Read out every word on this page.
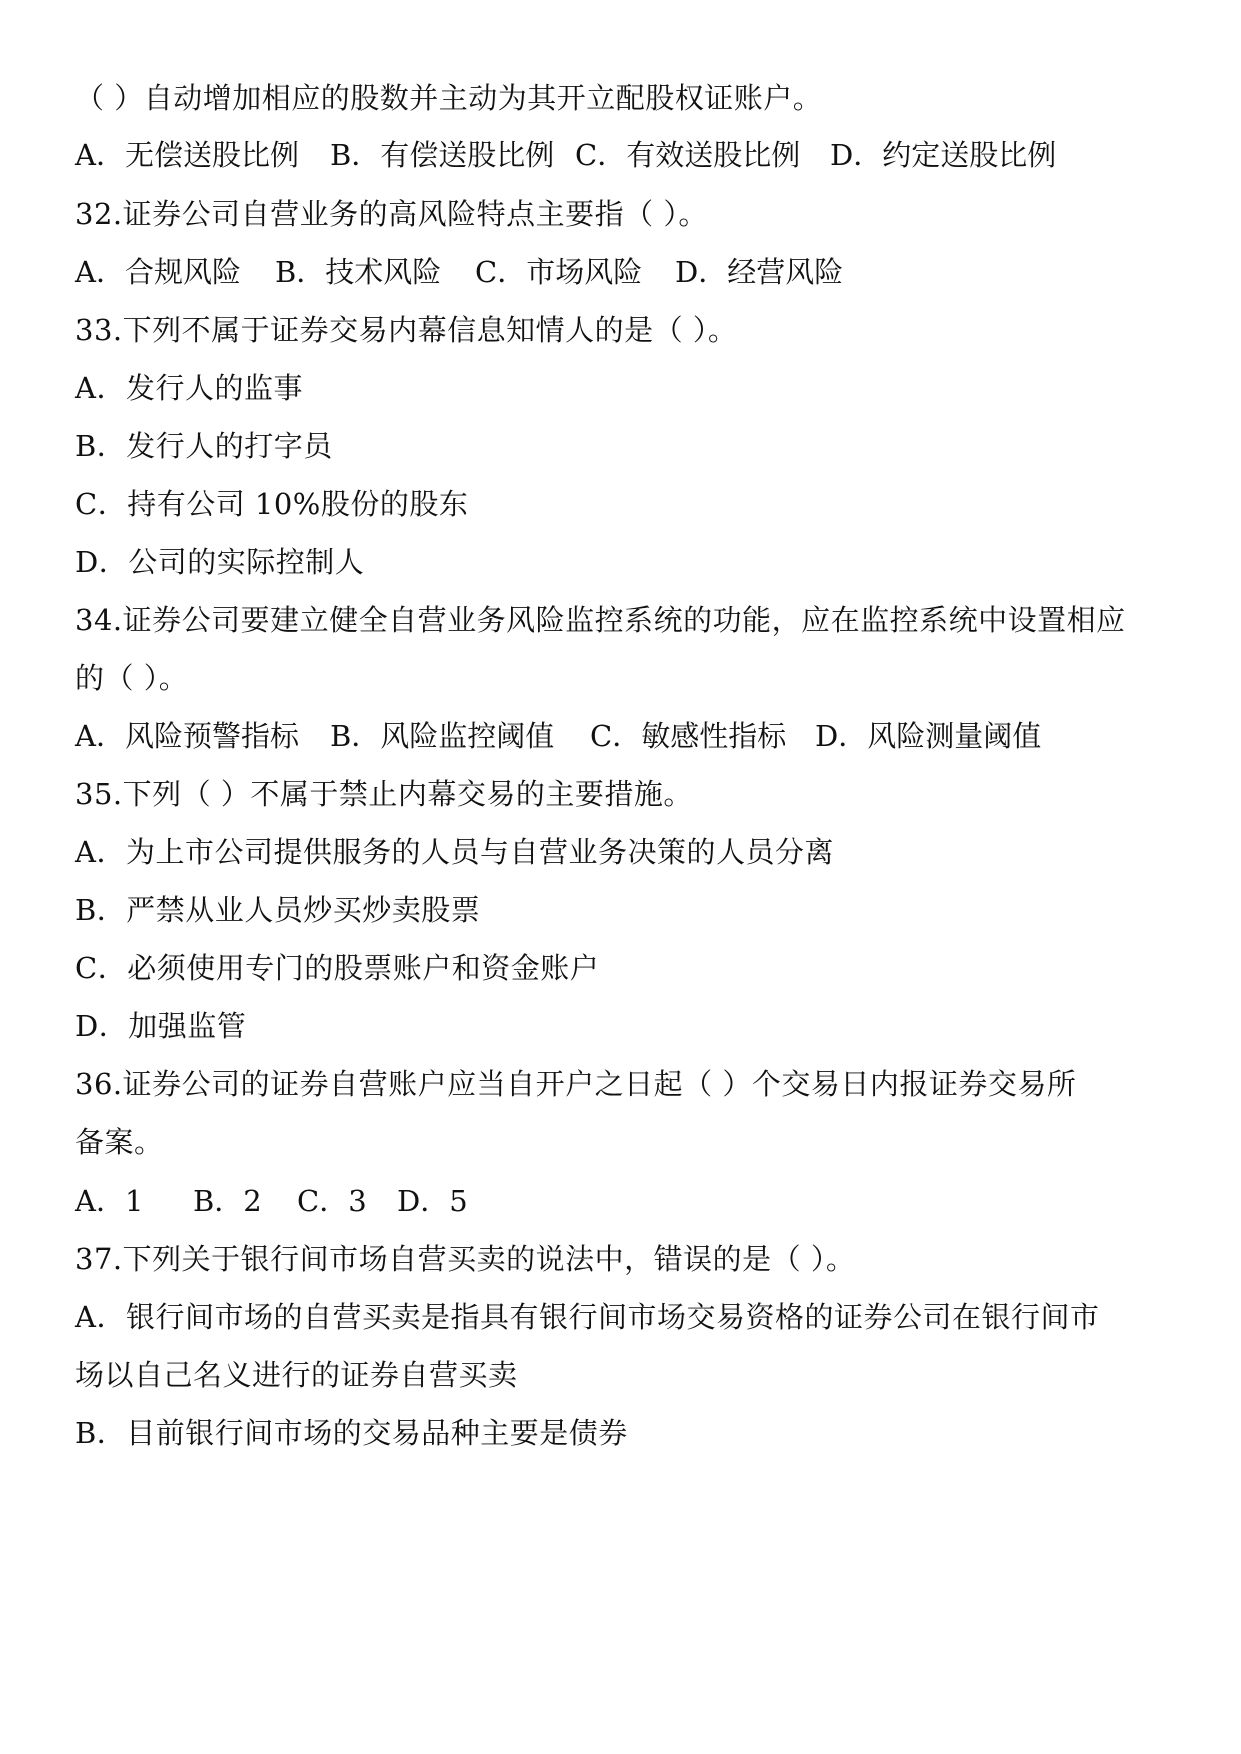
（ ）自动增加相应的股数并主动为其开立配股权证账户。
A．无偿送股比例 B．有偿送股比例 C．有效送股比例 D．约定送股比例
32.证券公司自营业务的高风险特点主要指（ ）。
A．合规风险 B．技术风险 C．市场风险 D．经营风险
33.下列不属于证券交易内幕信息知情人的是（ ）。
A．发行人的监事
B．发行人的打字员
C．持有公司 10%股份的股东
D．公司的实际控制人
34.证券公司要建立健全自营业务风险监控系统的功能，应在监控系统中设置相应
的（ ）。
A．风险预警指标 B．风险监控阈值 C．敏感性指标 D．风险测量阈值
35.下列（ ）不属于禁止内幕交易的主要措施。
A．为上市公司提供服务的人员与自营业务决策的人员分离
B．严禁从业人员炒买炒卖股票
C．必须使用专门的股票账户和资金账户
D．加强监管
36.证券公司的证券自营账户应当自开户之日起（ ）个交易日内报证券交易所
备案。
A．1 B．2 C．3 D．5
37.下列关于银行间市场自营买卖的说法中，错误的是（ ）。
A．银行间市场的自营买卖是指具有银行间市场交易资格的证券公司在银行间市
场以自己名义进行的证券自营买卖
B．目前银行间市场的交易品种主要是债券
